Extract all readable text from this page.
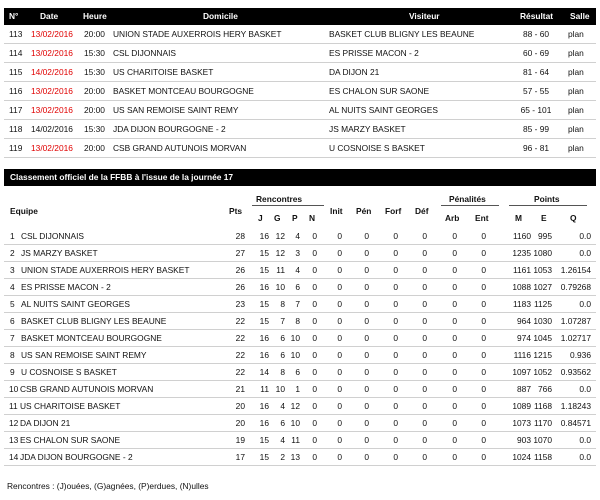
N°	Date	Heure	Domicile	Visiteur	Résultat Salle
113 13/02/2016 20:00 UNION STADE AUXERROIS HERY BASKET	BASKET CLUB BLIGNY LES BEAUNE	88 - 60	plan
114 13/02/2016 15:30 CSL DIJONNAIS	ES PRISSE MACON - 2	60 - 69	plan
115 14/02/2016 15:30 US CHARITOISE BASKET	DA DIJON 21	81 - 64	plan
116 13/02/2016 20:00 BASKET MONTCEAU BOURGOGNE	ES CHALON SUR SAONE	57 - 55	plan
117 13/02/2016 20:00 US SAN REMOISE SAINT REMY	AL NUITS SAINT GEORGES	65 - 101	plan
118 14/02/2016 15:30 JDA DIJON BOURGOGNE - 2	JS MARZY BASKET	85 - 99	plan
119 13/02/2016 20:00 CSB GRAND AUTUNOIS MORVAN	U COSNOISE S BASKET	96 - 81	plan
Classement officiel de la FFBB à l'issue de la journée 17
Equipe	Pts
Rencontres
J G P N
Init Pén Forf Déf
Pénalités
Arb Ent
Points
M E	Q
1 CSL DIJONNAIS	28 16 12 4 0 0	0	0	0	0	0	1160 995	0.0
2 JS MARZY BASKET	27 15 12 3 0 0	0	0	0	0	0	1235 1080	0.0
3 UNION STADE AUXERROIS HERY BASKET	26 15 11 4 0 0	0	0	0	0	0	1161 1053 1.26154
4 ES PRISSE MACON - 2	26 16 10 6 0 0	0	0	0	0	0	1088 1027 0.79268
5 AL NUITS SAINT GEORGES	23 15 8 7 0 0	0	0	0	0	0	1183 1125	0.0
6 BASKET CLUB BLIGNY LES BEAUNE	22 15 7 8 0 0	0	0	0	0	0	964 1030 1.07287
7 BASKET MONTCEAU BOURGOGNE	22 16 6 10 0 0	0	0	0	0	0	974 1045 1.02717
8 US SAN REMOISE SAINT REMY	22 16 6 10 0 0	0	0	0	0	0	1116 1215 0.936
9 U COSNOISE S BASKET	22 14 8 6 0 0	0	0	0	0	0	1097 1052 0.93562
10 CSB GRAND AUTUNOIS MORVAN	21 11 10 1 0 0	0	0	0	0	0	887 766	0.0
11 US CHARITOISE BASKET	20 16 4 12 0 0	0	0	0	0	0	1089 1168 1.18243
12 DA DIJON 21	20 16 6 10 0 0	0	0	0	0	0	1073 1170 0.84571
13 ES CHALON SUR SAONE	19 15 4 11 0 0	0	0	0	0	0	903 1070	0.0
14 JDA DIJON BOURGOGNE - 2	17 15 2 13 0 0	0	0	0	0	0	1024 1158	0.0
Rencontres : (J)ouées, (G)agnées, (P)erdues, (N)ulles
